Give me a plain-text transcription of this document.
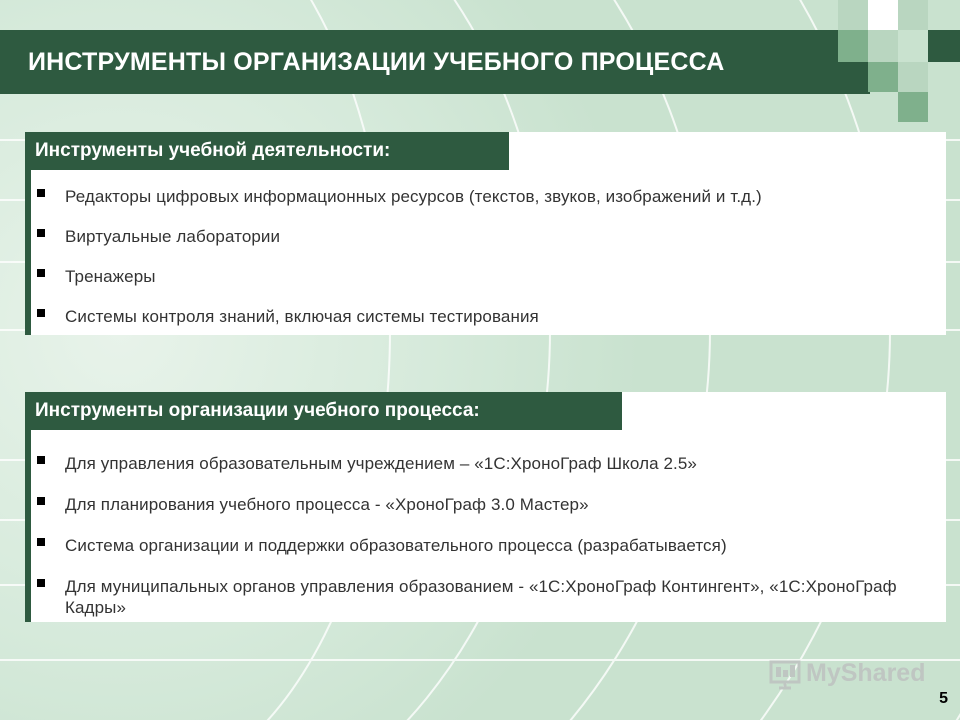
ИНСТРУМЕНТЫ ОРГАНИЗАЦИИ УЧЕБНОГО ПРОЦЕССА
Инструменты учебной деятельности:
Редакторы цифровых информационных ресурсов (текстов, звуков, изображений и т.д.)
Виртуальные лаборатории
Тренажеры
Системы контроля знаний, включая системы тестирования
Инструменты организации учебного процесса:
Для управления образовательным учреждением – «1С:ХроноГраф Школа 2.5»
Для планирования учебного процесса - «ХроноГраф 3.0 Мастер»
Система организации и поддержки образовательного процесса (разрабатывается)
Для муниципальных органов управления образованием - «1С:ХроноГраф Контингент», «1С:ХроноГраф Кадры»
MyShared
5
